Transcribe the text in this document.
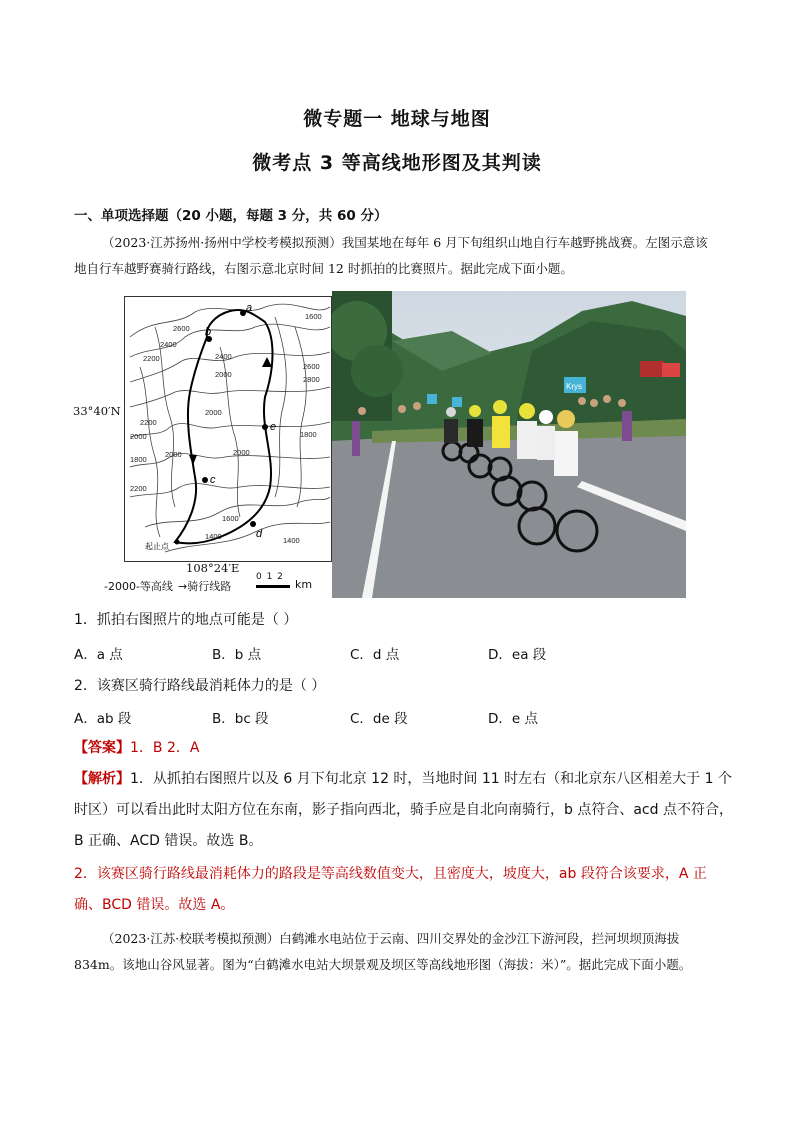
微专题一 地球与地图
微考点 3 等高线地形图及其判读
一、单项选择题（20 小题，每题 3 分，共 60 分）
（2023·江苏扬州·扬州中学校考模拟预测）我国某地在每年 6 月下旬组织山地自行车越野挑战赛。左图示意该地自行车越野赛骑行路线，右图示意北京时间 12 时抓拍的比赛照片。据此完成下面小题。
a
b
c
d
e
1600
2600
2400
2200	2400
2000
2200
2000
2000
1800
2000
2200
1600
1400	1400
2600
2800
2000
1800
起止点
33°40′N
108°24′E
-2000-等高线 →骑行线路
0 1 2
km
Krys
1．抓拍右图照片的地点可能是（ ）
A．a 点	B．b 点	C．d 点	D．ea 段
2．该赛区骑行路线最消耗体力的是（ ）
A．ab 段	B．bc 段	C．de 段	D．e 点
【答案】1．B 2．A
【解析】1．从抓拍右图照片以及 6 月下旬北京 12 时，当地时间 11 时左右（和北京东八区相差大于 1 个时区）可以看出此时太阳方位在东南，影子指向西北，骑手应是自北向南骑行，b 点符合、acd 点不符合，B 正确、ACD 错误。故选 B。
2．该赛区骑行路线最消耗体力的路段是等高线数值变大，且密度大，坡度大，ab 段符合该要求，A 正确、BCD 错误。故选 A。
（2023·江苏·校联考模拟预测）白鹤滩水电站位于云南、四川交界处的金沙江下游河段，拦河坝坝顶海拔 834m。该地山谷风显著。图为“白鹤滩水电站大坝景观及坝区等高线地形图（海拔：米）”。据此完成下面小题。
